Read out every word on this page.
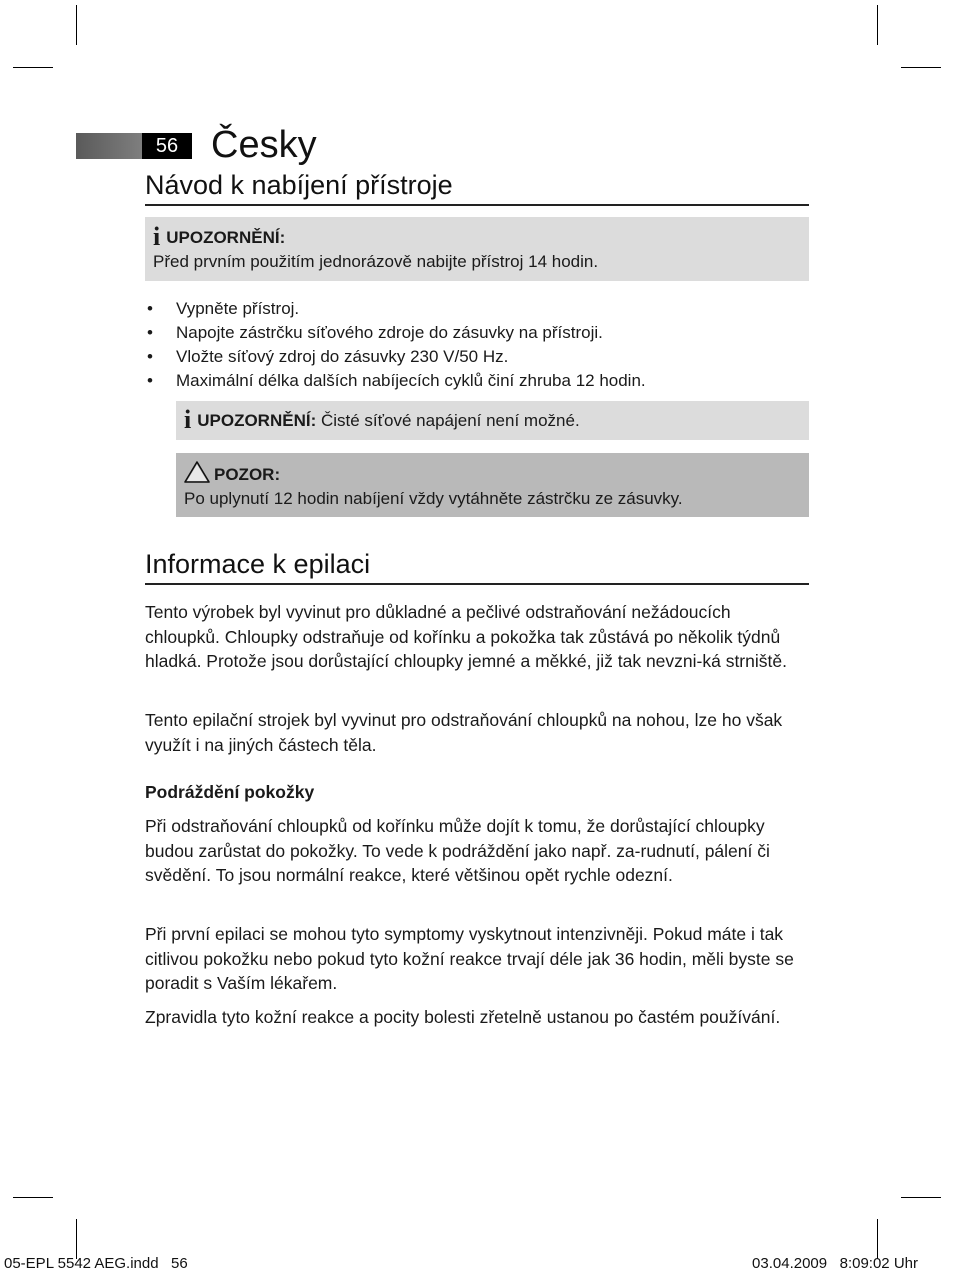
56 Česky
Návod k nabíjení přístroje
iUPOZORNĚNÍ:
Před prvním použitím jednorázově nabijte přístroj 14 hodin.
• Vypněte přístroj.
• Napojte zástrčku síťového zdroje do zásuvky na přístroji.
• Vložte síťový zdroj do zásuvky 230 V/50 Hz.
• Maximální délka dalších nabíjecích cyklů činí zhruba 12 hodin.
iUPOZORNĚNÍ: Čisté síťové napájení není možné.
POZOR:
Po uplynutí 12 hodin nabíjení vždy vytáhněte zástrčku ze zásuvky.
Informace k epilaci
Tento výrobek byl vyvinut pro důkladné a pečlivé odstraňování nežádoucích chloupků. Chloupky odstraňuje od kořínku a pokožka tak zůstává po několik týdnů hladká. Protože jsou dorůstající chloupky jemné a měkké, již tak nevzni-ká strniště.
Tento epilační strojek byl vyvinut pro odstraňování chloupků na nohou, lze ho však využít i na jiných částech těla.
Podráždění pokožky
Při odstraňování chloupků od kořínku může dojít k tomu, že dorůstající chloupky budou zarůstat do pokožky. To vede k podráždění jako např. za-rudnutí, pálení či svědění. To jsou normální reakce, které většinou opět rychle odezní.
Při první epilaci se mohou tyto symptomy vyskytnout intenzivněji. Pokud máte i tak citlivou pokožku nebo pokud tyto kožní reakce trvají déle jak 36 hodin, měli byste se poradit s Vaším lékařem.
Zpravidla tyto kožní reakce a pocity bolesti zřetelně ustanou po častém používání.
05-EPL 5542 AEG.indd   56	03.04.2009   8:09:02 Uhr
